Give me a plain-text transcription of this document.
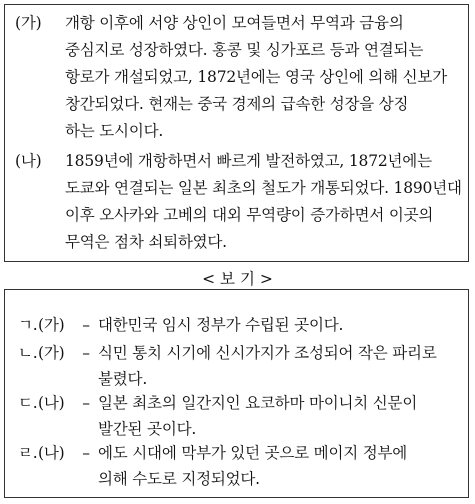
(가)	개항 이후에 서양 상인이 모여들면서 무역과 금융의
중심지로 성장하였다. 홍콩 및 싱가포르 등과 연결되는
항로가 개설되었고, 1872년에는 영국 상인에 의해 신보가
창간되었다. 현재는 중국 경제의 급속한 성장을 상징
하는 도시이다.
(나)	1859년에 개항하면서 빠르게 발전하였고, 1872년에는
도쿄와 연결되는 일본 최초의 철도가 개통되었다. 1890년대
이후 오사카와 고베의 대외 무역량이 증가하면서 이곳의
무역은 점차 쇠퇴하였다.
< 보 기 >
ㄱ. (가)	– 대한민국 임시 정부가 수립된 곳이다.
ㄴ. (가)	– 식민 통치 시기에 신시가지가 조성되어 작은 파리로
불렸다.
ㄷ. (나)	– 일본 최초의 일간지인 요코하마 마이니치 신문이
발간된 곳이다.
ㄹ. (나)	– 에도 시대에 막부가 있던 곳으로 메이지 정부에
의해 수도로 지정되었다.
